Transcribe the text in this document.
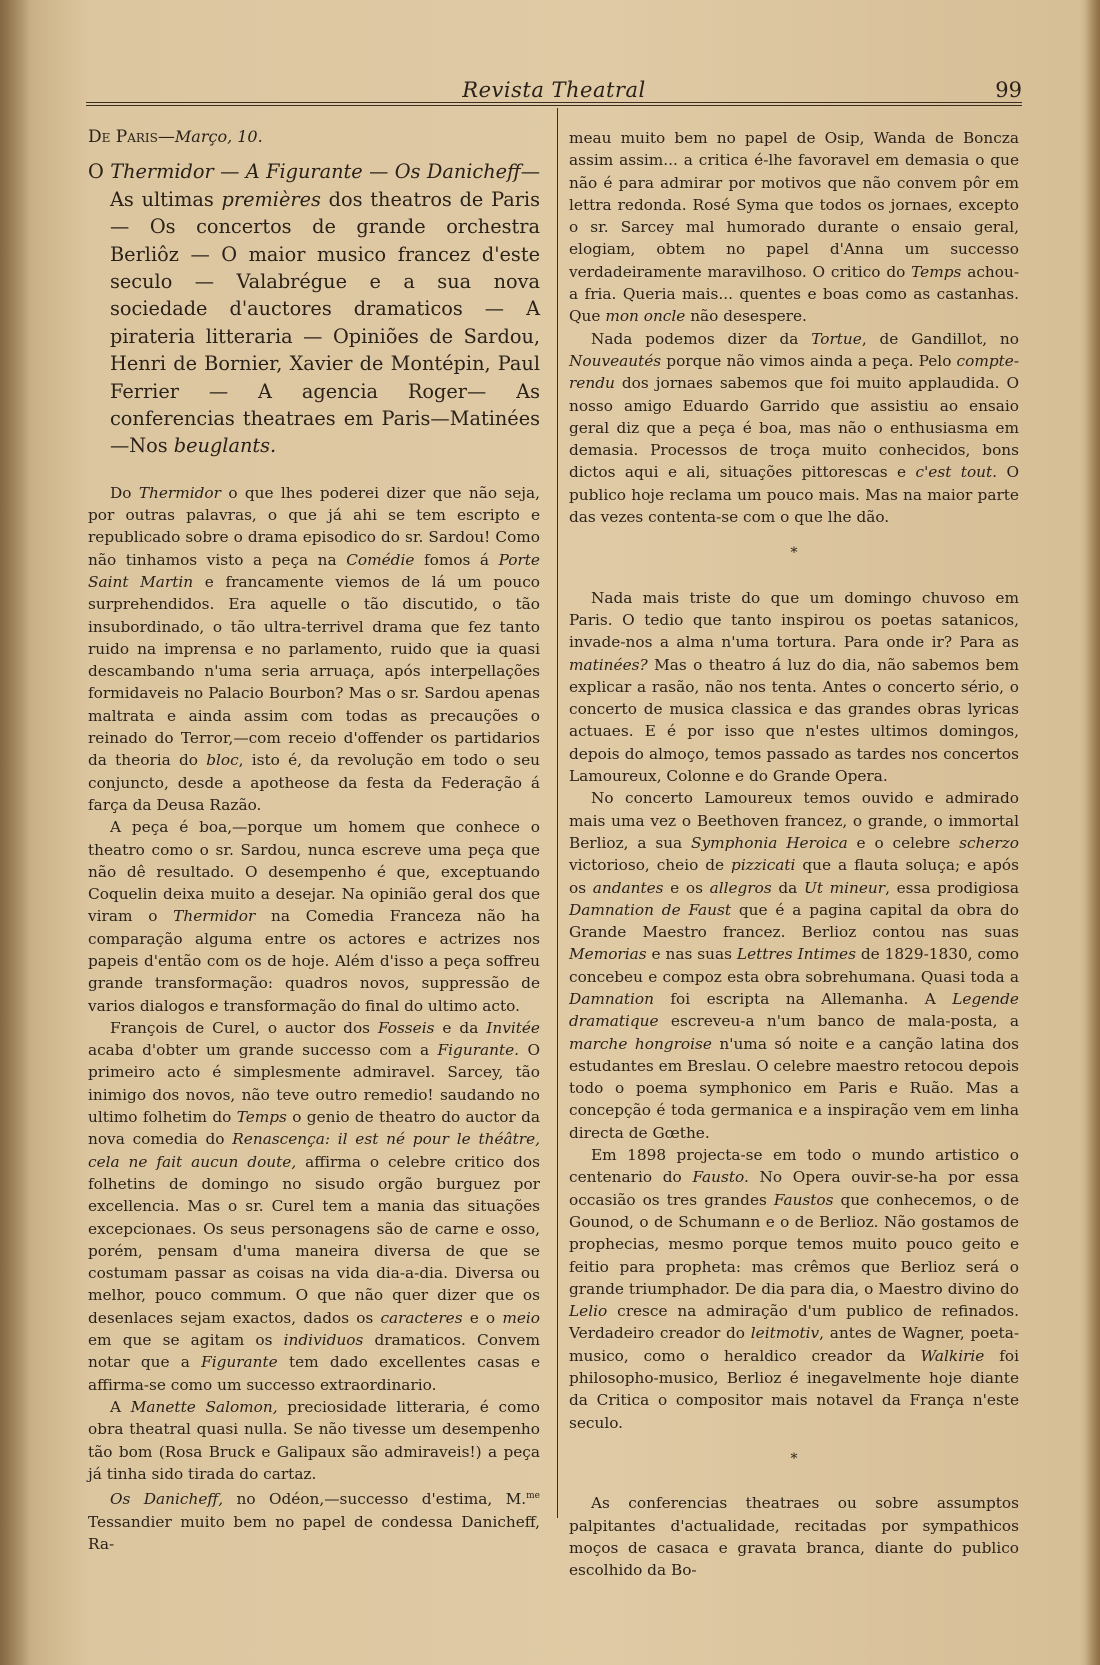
Revista Theatral	99

De Paris—Março, 10.

O Thermidor — A Figurante — Os Danicheff— As ultimas premières dos theatros de Paris — Os concertos de grande orchestra Berliôz — O maior musico francez d'este seculo — Valabrégue e a sua nova sociedade d'auctores dramaticos — A pirateria litteraria — Opiniões de Sardou, Henri de Bornier, Xavier de Montépin, Paul Ferrier — A agencia Roger— As conferencias theatraes em Paris—Matinées —Nos beuglants.

Do Thermidor o que lhes poderei dizer que não seja, por outras palavras, o que já ahi se tem escripto e republicado sobre o drama episodico do sr. Sardou! Como não tinhamos visto a peça na Comédie fomos á Porte Saint Martin e francamente viemos de lá um pouco surprehendidos. Era aquelle o tão discutido, o tão insubordinado, o tão ultra-terrivel drama que fez tanto ruido na imprensa e no parlamento, ruido que ia quasi descambando n'uma seria arruaça, após interpellações formidaveis no Palacio Bourbon? Mas o sr. Sardou apenas maltrata e ainda assim com todas as precauções o reinado do Terror,—com receio d'offender os partidarios da theoria do bloc, isto é, da revolução em todo o seu conjuncto, desde a apotheose da festa da Federação á farça da Deusa Razão.

A peça é boa,—porque um homem que conhece o theatro como o sr. Sardou, nunca escreve uma peça que não dê resultado. O desempenho é que, exceptuando Coquelin deixa muito a desejar. Na opinião geral dos que viram o Thermidor na Comedia Franceza não ha comparação alguma entre os actores e actrizes nos papeis d'então com os de hoje. Além d'isso a peça soffreu grande transformação: quadros novos, suppressão de varios dialogos e transformação do final do ultimo acto.

François de Curel, o auctor dos Fosseis e da Invitée acaba d'obter um grande successo com a Figurante. O primeiro acto é simplesmente admiravel. Sarcey, tão inimigo dos novos, não teve outro remedio! saudando no ultimo folhetim do Temps o genio de theatro do auctor da nova comedia do Renascença: il est né pour le théâtre, cela ne fait aucun doute, affirma o celebre critico dos folhetins de domingo no sisudo orgão burguez por excellencia. Mas o sr. Curel tem a mania das situações excepcionaes. Os seus personagens são de carne e osso, porém, pensam d'uma maneira diversa de que se costumam passar as coisas na vida dia-a-dia. Diversa ou melhor, pouco commum. O que não quer dizer que os desenlaces sejam exactos, dados os caracteres e o meio em que se agitam os individuos dramaticos. Convem notar que a Figurante tem dado excellentes casas e affirma-se como um successo extraordinario.

A Manette Salomon, preciosidade litteraria, é como obra theatral quasi nulla. Se não tivesse um desempenho tão bom (Rosa Bruck e Galipaux são admiraveis!) a peça já tinha sido tirada do cartaz.

Os Danicheff, no Odéon,—successo d'estima, M.$^{me}$ Tessandier muito bem no papel de condessa Danicheff, Ra-

meau muito bem no papel de Osip, Wanda de Boncza assim assim... a critica é-lhe favoravel em demasia o que não é para admirar por motivos que não convem pôr em lettra redonda. Rosé Syma que todos os jornaes, excepto o sr. Sarcey mal humorado durante o ensaio geral, elogiam, obtem no papel d'Anna um successo verdadeiramente maravilhoso. O critico do Temps achou-a fria. Queria mais... quentes e boas como as castanhas. Que mon oncle não desespere.

Nada podemos dizer da Tortue, de Gandillot, no Nouveautés porque não vimos ainda a peça. Pelo compte-rendu dos jornaes sabemos que foi muito applaudida. O nosso amigo Eduardo Garrido que assistiu ao ensaio geral diz que a peça é boa, mas não o enthusiasma em demasia. Processos de troça muito conhecidos, bons dictos aqui e ali, situações pittorescas e c'est tout. O publico hoje reclama um pouco mais. Mas na maior parte das vezes contenta-se com o que lhe dão.

*

Nada mais triste do que um domingo chuvoso em Paris. O tedio que tanto inspirou os poetas satanicos, invade-nos a alma n'uma tortura. Para onde ir? Para as matinées? Mas o theatro á luz do dia, não sabemos bem explicar a rasão, não nos tenta. Antes o concerto sério, o concerto de musica classica e das grandes obras lyricas actuaes. E é por isso que n'estes ultimos domingos, depois do almoço, temos passado as tardes nos concertos Lamoureux, Colonne e do Grande Opera.

No concerto Lamoureux temos ouvido e admirado mais uma vez o Beethoven francez, o grande, o immortal Berlioz, a sua Symphonia Heroica e o celebre scherzo victorioso, cheio de pizzicati que a flauta soluça; e após os andantes e os allegros da Ut mineur, essa prodigiosa Damnation de Faust que é a pagina capital da obra do Grande Maestro francez. Berlioz contou nas suas Memorias e nas suas Lettres Intimes de 1829-1830, como concebeu e compoz esta obra sobrehumana. Quasi toda a Damnation foi escripta na Allemanha. A Legende dramatique escreveu-a n'um banco de mala-posta, a marche hongroise n'uma só noite e a canção latina dos estudantes em Breslau. O celebre maestro retocou depois todo o poema symphonico em Paris e Ruão. Mas a concepção é toda germanica e a inspiração vem em linha directa de Gœthe.

Em 1898 projecta-se em todo o mundo artistico o centenario do Fausto. No Opera ouvir-se-ha por essa occasião os tres grandes Faustos que conhecemos, o de Gounod, o de Schumann e o de Berlioz. Não gostamos de prophecias, mesmo porque temos muito pouco geito e feitio para propheta: mas crêmos que Berlioz será o grande triumphador. De dia para dia, o Maestro divino do Lelio cresce na admiração d'um publico de refinados. Verdadeiro creador do leitmotiv, antes de Wagner, poeta-musico, como o heraldico creador da Walkirie foi philosopho-musico, Berlioz é inegavelmente hoje diante da Critica o compositor mais notavel da França n'este seculo.

*

As conferencias theatraes ou sobre assumptos palpitantes d'actualidade, recitadas por sympathicos moços de casaca e gravata branca, diante do publico escolhido da Bo-
